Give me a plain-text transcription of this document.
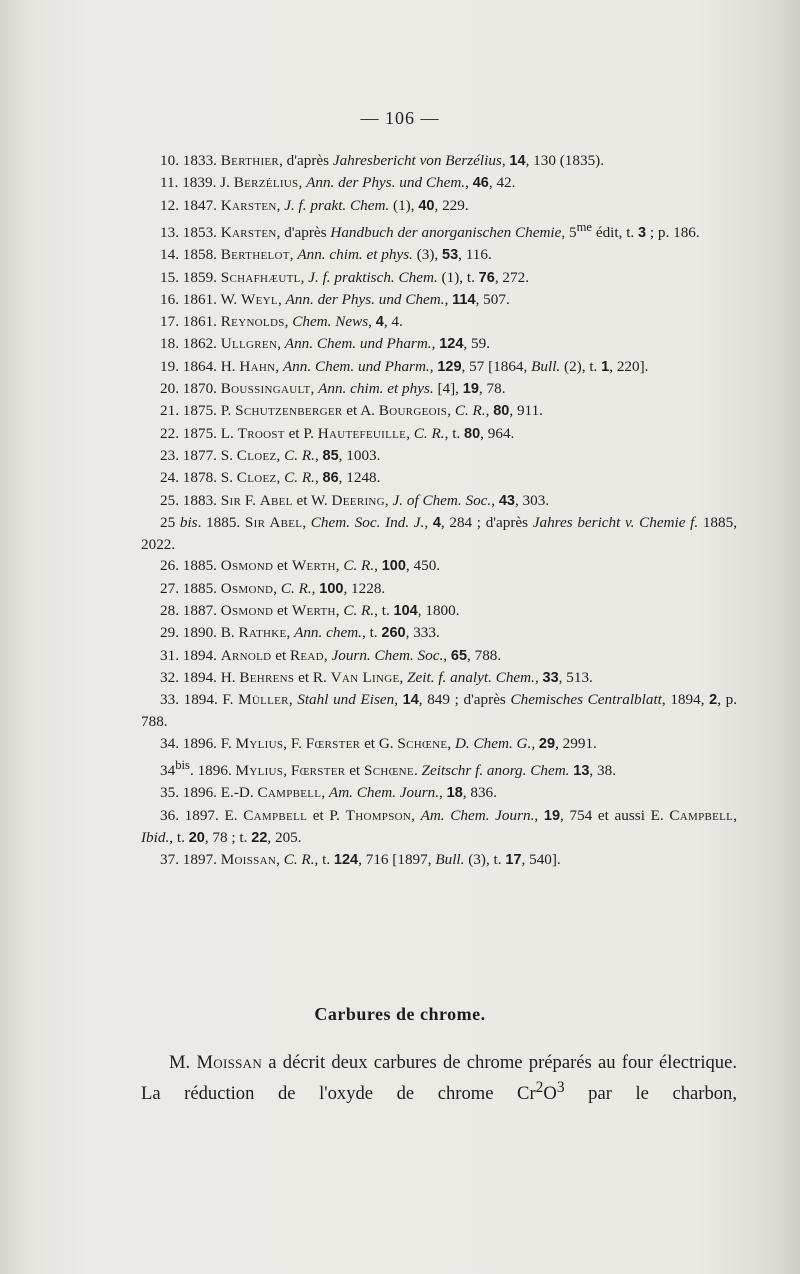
— 106 —

10. 1833. Berthier, d'après Jahresbericht von Berzélius, 14, 130 (1835).

11. 1839. J. Berzélius, Ann. der Phys. und Chem., 46, 42.

12. 1847. Karsten, J. f. prakt. Chem. (1), 40, 229.

13. 1853. Karsten, d'après Handbuch der anorganischen Chemie, $5^{me}$ édit, t. 3 ; p. 186.

14. 1858. Berthelot, Ann. chim. et phys. (3), 53, 116.

15. 1859. Schafhæutl, J. f. praktisch. Chem. (1), t. 76, 272.

16. 1861. W. Weyl, Ann. der Phys. und Chem., 114, 507.

17. 1861. Reynolds, Chem. News, 4, 4.

18. 1862. Ullgren, Ann. Chem. und Pharm., 124, 59.

19. 1864. H. Hahn, Ann. Chem. und Pharm., 129, 57 [1864, Bull. (2), t. 1, 220].

20. 1870. Boussingault, Ann. chim. et phys. [4], 19, 78.

21. 1875. P. Schutzenberger et A. Bourgeois, C. R., 80, 911.

22. 1875. L. Troost et P. Hautefeuille, C. R., t. 80, 964.

23. 1877. S. Cloez, C. R., 85, 1003.

24. 1878. S. Cloez, C. R., 86, 1248.

25. 1883. Sir F. Abel et W. Deering, J. of Chem. Soc., 43, 303.

25 bis. 1885. Sir Abel, Chem. Soc. Ind. J., 4, 284 ; d'après Jahres bericht v. Chemie f. 1885, 2022.

26. 1885. Osmond et Werth, C. R., 100, 450.

27. 1885. Osmond, C. R., 100, 1228.

28. 1887. Osmond et Werth, C. R., t. 104, 1800.

29. 1890. B. Rathke, Ann. chem., t. 260, 333.

31. 1894. Arnold et Read, Journ. Chem. Soc., 65, 788.

32. 1894. H. Behrens et R. Van Linge, Zeit. f. analyt. Chem., 33, 513.

33. 1894. F. Müller, Stahl und Eisen, 14, 849 ; d'après Chemisches Centralblatt, 1894, 2, p. 788.

34. 1896. F. Mylius, F. Fœrster et G. Schœne, D. Chem. G., 29, 2991.

$34^{bis}$. 1896. Mylius, Fœrster et Schœne. Zeitschr f. anorg. Chem. 13, 38.

35. 1896. E.-D. Campbell, Am. Chem. Journ., 18, 836.

36. 1897. E. Campbell et P. Thompson, Am. Chem. Journ., 19, 754 et aussi E. Campbell, Ibid., t. 20, 78 ; t. 22, 205.

37. 1897. Moissan, C. R., t. 124, 716 [1897, Bull. (3), t. 17, 540].

Carbures de chrome.

M. Moissan a décrit deux carbures de chrome préparés au four électrique. La réduction de l'oxyde de chrome $Cr^2O^3$ par le charbon,
